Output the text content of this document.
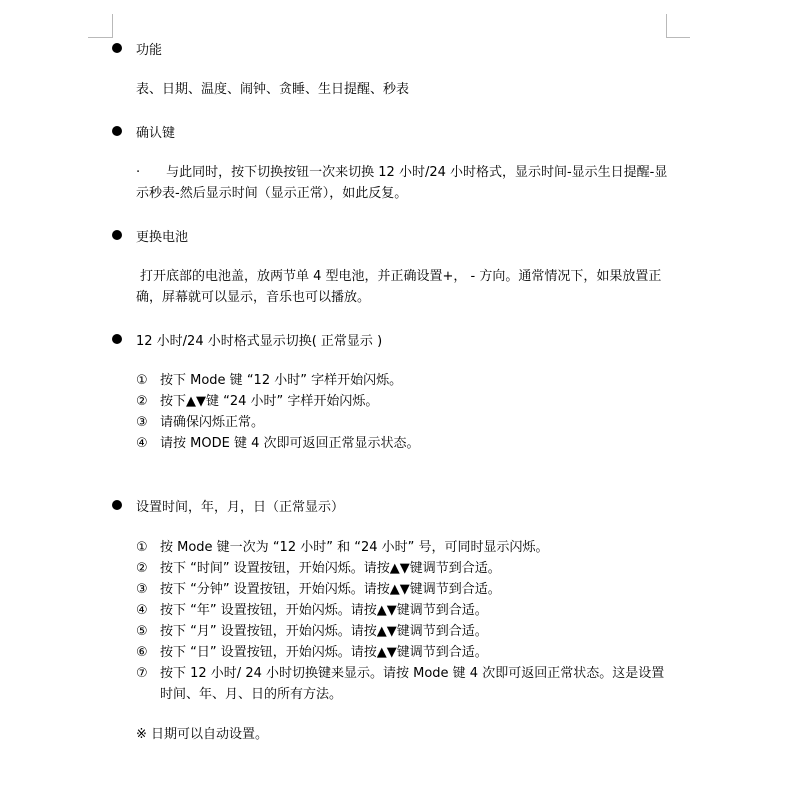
功能
表、日期、温度、闹钟、贪睡、生日提醒、秒表
确认键
·　　与此同时，按下切换按钮一次来切换 12 小时/24 小时格式，显示时间-显示生日提醒-显示秒表-然后显示时间（显示正常），如此反复。
更换电池
打开底部的电池盖，放两节单 4 型电池，并正确设置+， - 方向。通常情况下，如果放置正确，屏幕就可以显示，音乐也可以播放。
12 小时/24 小时格式显示切换( 正常显示 )
① 按下 Mode 键 “12 小时” 字样开始闪烁。
② 按下▲▼键 “24 小时” 字样开始闪烁。
③ 请确保闪烁正常。
④ 请按 MODE 键 4 次即可返回正常显示状态。
设置时间，年，月，日（正常显示）
① 按 Mode 键一次为 “12 小时” 和 “24 小时” 号，可同时显示闪烁。
② 按下 “时间” 设置按钮，开始闪烁。请按▲▼键调节到合适。
③ 按下 “分钟” 设置按钮，开始闪烁。请按▲▼键调节到合适。
④ 按下 “年” 设置按钮，开始闪烁。请按▲▼键调节到合适。
⑤ 按下 “月” 设置按钮，开始闪烁。请按▲▼键调节到合适。
⑥ 按下 “日” 设置按钮，开始闪烁。请按▲▼键调节到合适。
⑦ 按下 12 小时/ 24 小时切换键来显示。请按 Mode 键 4 次即可返回正常状态。这是设置时间、年、月、日的所有方法。
※ 日期可以自动设置。
